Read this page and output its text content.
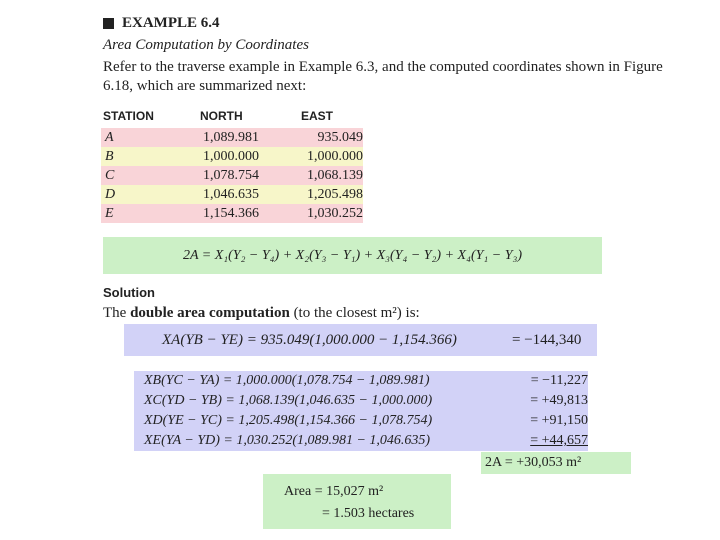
EXAMPLE 6.4
Area Computation by Coordinates
Refer to the traverse example in Example 6.3, and the computed coordinates shown in Figure 6.18, which are summarized next:
STATION	NORTH	EAST
A	1,089.981	935.049
B	1,000.000	1,000.000
C	1,078.754	1,068.139
D	1,046.635	1,205.498
E	1,154.366	1,030.252
2A = X₁(Y₂ − Y₄) + X₂(Y₃ − Y₁) + X₃(Y₄ − Y₂) + X₄(Y₁ − Y₃)
Solution
The double area computation (to the closest m²) is:
XA(YB − YE) = 935.049(1,000.000 − 1,154.366)	= −144,340
XB(YC − YA) = 1,000.000(1,078.754 − 1,089.981)	= −11,227
XC(YD − YB) = 1,068.139(1,046.635 − 1,000.000)	= +49,813
XD(YE − YC) = 1,205.498(1,154.366 − 1,078.754)	= +91,150
XE(YA − YD) = 1,030.252(1,089.981 − 1,046.635)	= +44,657
2A = +30,053 m²
Area = 15,027 m²
= 1.503 hectares
